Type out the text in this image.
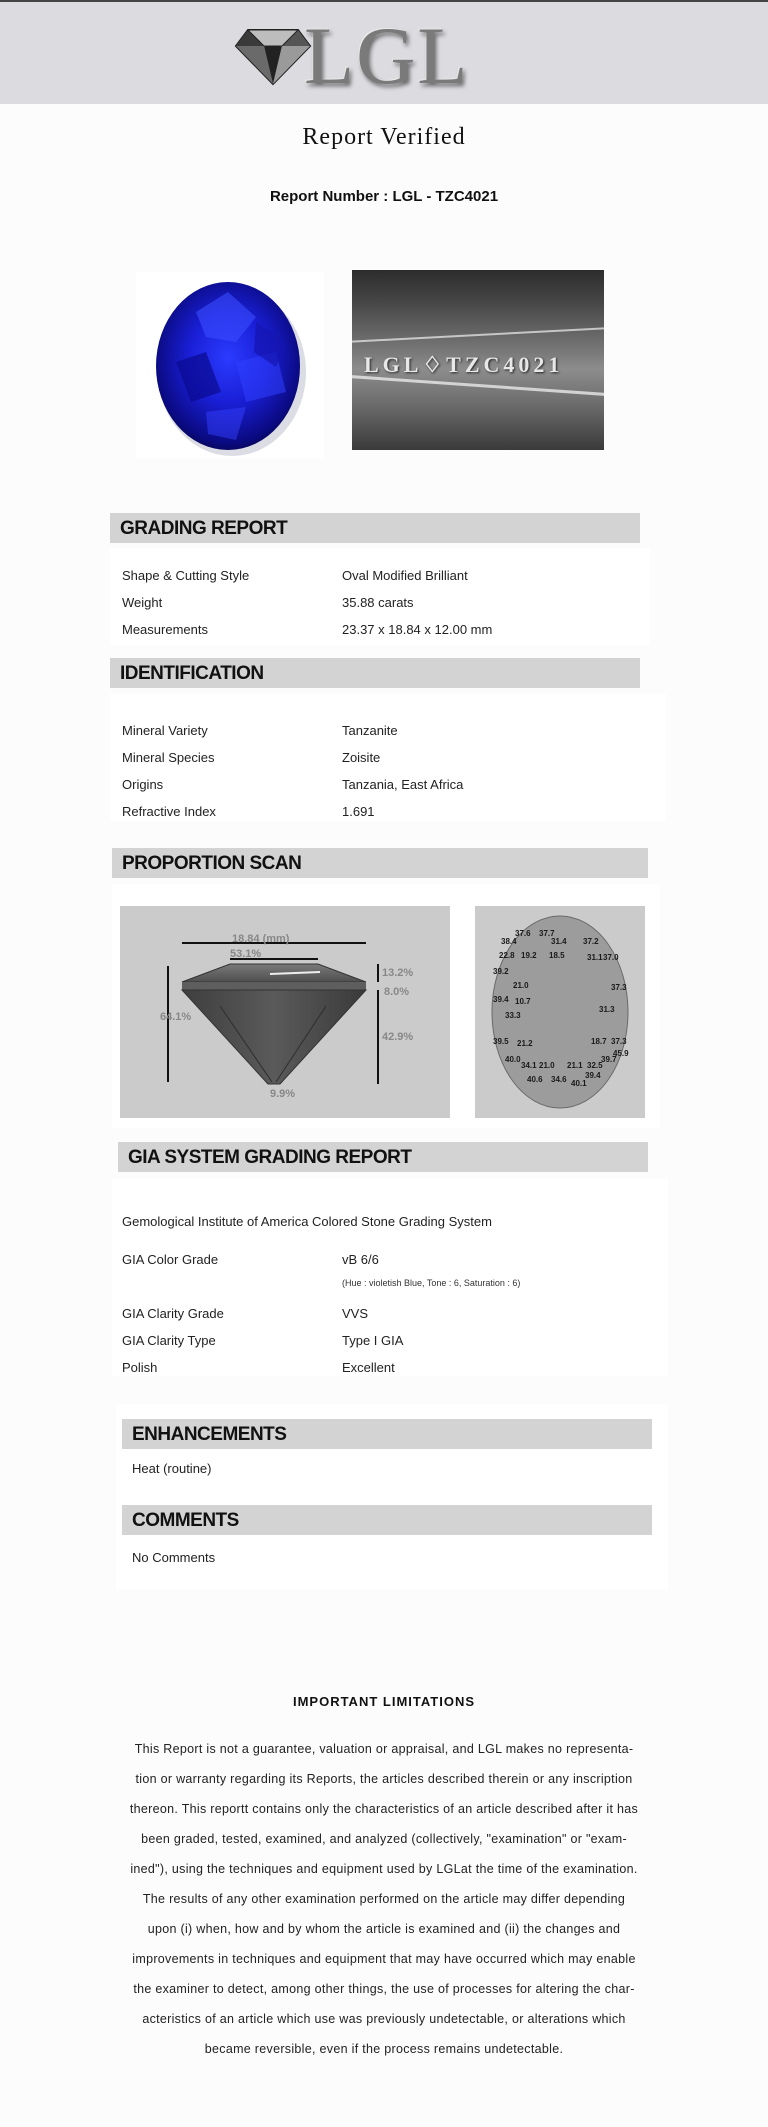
LGL
Report Verified
Report Number : LGL - TZC4021
LGL♢TZC4021
GRADING REPORT
Shape & Cutting Style	Oval Modified Brilliant
Weight	35.88 carats
Measurements	23.37 x 18.84 x 12.00 mm
IDENTIFICATION
Mineral Variety	Tanzanite
Mineral Species	Zoisite
Origins	Tanzania, East Africa
Refractive Index	1.691
PROPORTION SCAN
18.84 (mm)
53.1%
64.1%
13.2%
8.0%
42.9%
9.9%
37.6 37.7
38.4	31.4 37.2
22.8 19.2 18.5	31.1 37.0
39.2
21.0	37.3
39.4 10.7
31.3
33.3
39.5 21.2	18.7 37.3
45.9
40.0
34.1 21.0 21.1 32.5
39.7
40.6 34.6 40.1
39.4
GIA SYSTEM GRADING REPORT
Gemological Institute of America Colored Stone Grading System
GIA Color Grade	vB 6/6
(Hue : violetish Blue, Tone : 6, Saturation : 6)
GIA Clarity Grade	VVS
GIA Clarity Type	Type I GIA
Polish	Excellent
ENHANCEMENTS
Heat (routine)
COMMENTS
No Comments
IMPORTANT LIMITATIONS
This Report is not a guarantee, valuation or appraisal, and LGL makes no representa-
tion or warranty regarding its Reports, the articles described therein or any inscription
thereon. This reportt contains only the characteristics of an article described after it has
been graded, tested, examined, and analyzed (collectively, "examination" or "exam-
ined"), using the techniques and equipment used by LGLat the time of the examination.
The results of any other examination performed on the article may differ depending
upon (i) when, how and by whom the article is examined and (ii) the changes and
improvements in techniques and equipment that may have occurred which may enable
the examiner to detect, among other things, the use of processes for altering the char-
acteristics of an article which use was previously undetectable, or alterations which
became reversible, even if the process remains undetectable.
